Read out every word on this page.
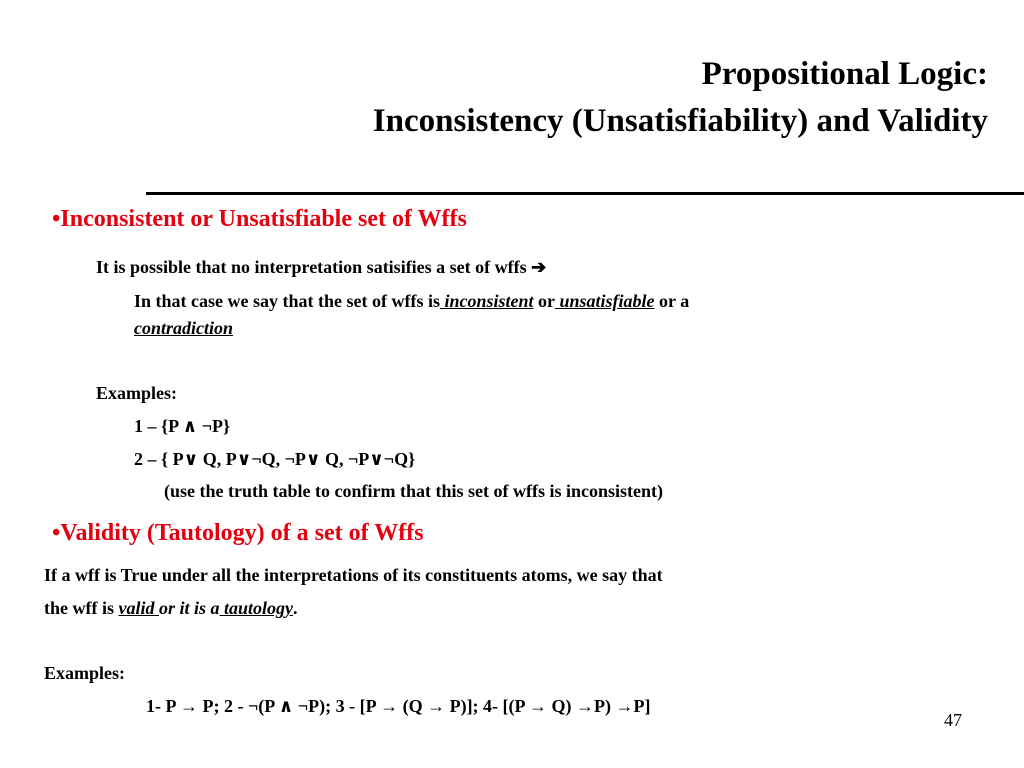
Propositional Logic:
Inconsistency (Unsatisfiability) and Validity
•Inconsistent or Unsatisfiable set of Wffs
It is possible that no interpretation satisifies a set of wffs ➔
In that case we say that the set of wffs is inconsistent or unsatisfiable or a
contradiction
Examples:
1 – {P ∧ ¬P}
2 – { P∨ Q, P∨¬Q, ¬P∨ Q, ¬P∨¬Q}
(use the truth table to confirm that this set of wffs is inconsistent)
•Validity (Tautology) of a set of Wffs
If a wff is True under all the interpretations of its constituents atoms, we say that
the wff is valid or it is a tautology.
Examples:
1- P → P; 2 - ¬(P ∧ ¬P); 3 - [P → (Q → P)]; 4- [(P → Q) →P) →P]
47
